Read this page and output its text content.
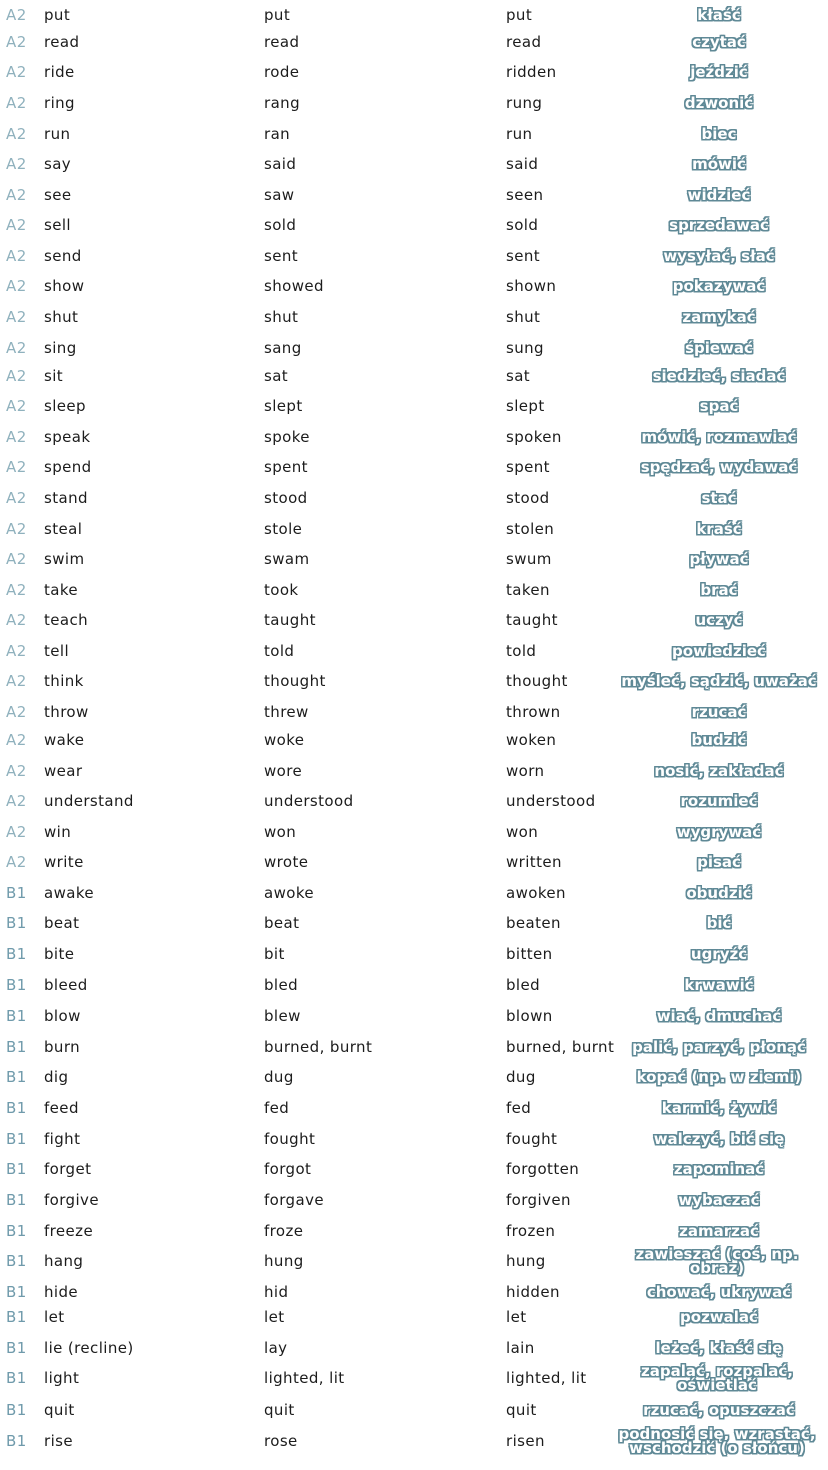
A2	put	put	put	kłaść
A2	read	read	read	czytać
A2	ride	rode	ridden	jeździć
A2	ring	rang	rung	dzwonić
A2	run	ran	run	biec
A2	say	said	said	mówić
A2	see	saw	seen	widzieć
A2	sell	sold	sold	sprzedawać
A2	send	sent	sent	wysyłać, słać
A2	show	showed	shown	pokazywać
A2	shut	shut	shut	zamykać
A2	sing	sang	sung	śpiewać
A2	sit	sat	sat	siedzieć, siadać
A2	sleep	slept	slept	spać
A2	speak	spoke	spoken	mówić, rozmawiać
A2	spend	spent	spent	spędzać, wydawać
A2	stand	stood	stood	stać
A2	steal	stole	stolen	kraść
A2	swim	swam	swum	pływać
A2	take	took	taken	brać
A2	teach	taught	taught	uczyć
A2	tell	told	told	powiedzieć
A2	think	thought	thought	myśleć, sądzić, uważać
A2	throw	threw	thrown	rzucać
A2	wake	woke	woken	budzić
A2	wear	wore	worn	nosić, zakładać
A2	understand	understood	understood	rozumieć
A2	win	won	won	wygrywać
A2	write	wrote	written	pisać
B1	awake	awoke	awoken	obudzić
B1	beat	beat	beaten	bić
B1	bite	bit	bitten	ugryźć
B1	bleed	bled	bled	krwawić
B1	blow	blew	blown	wiać, dmuchać
B1	burn	burned, burnt	burned, burnt	palić, parzyć, płonąć
B1	dig	dug	dug	kopać (np. w ziemi)
B1	feed	fed	fed	karmić, żywić
B1	fight	fought	fought	walczyć, bić się
B1	forget	forgot	forgotten	zapominać
B1	forgive	forgave	forgiven	wybaczać
B1	freeze	froze	frozen	zamarzać
B1	hang	hung	hung	zawieszać (coś, np. obraz)
B1	hide	hid	hidden	chować, ukrywać
B1	let	let	let	pozwalać
B1	lie (recline)	lay	lain	leżeć, kłaść się
B1	light	lighted, lit	lighted, lit	zapalać, rozpalać, oświetlać
B1	quit	quit	quit	rzucać, opuszczać
B1	rise	rose	risen	podnosić się, wzrastać, wschodzić (o słońcu)
